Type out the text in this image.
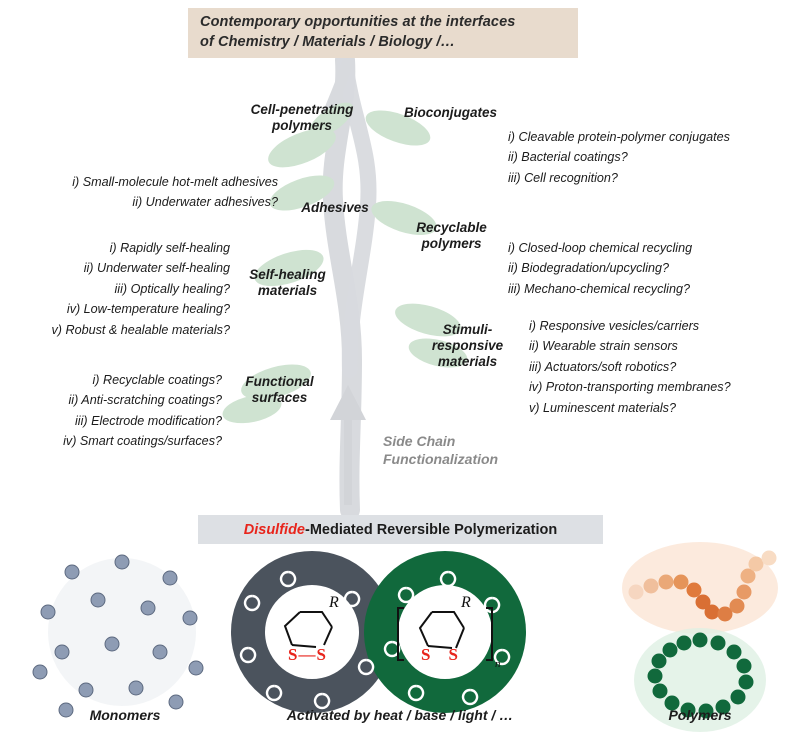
Contemporary opportunities at the interfaces
of Chemistry / Materials / Biology /…
Cell-penetrating
polymers
Bioconjugates
Adhesives
Recyclable
polymers
Self-healing
materials
Stimuli-
responsive
materials
Functional
surfaces
i) Cleavable protein-polymer conjugates
ii) Bacterial coatings?
iii) Cell recognition?
i) Closed-loop chemical recycling
ii) Biodegradation/upcycling?
iii) Mechano-chemical recycling?
i) Responsive vesicles/carriers
ii) Wearable strain sensors
iii) Actuators/soft robotics?
iv) Proton-transporting membranes?
v) Luminescent materials?
i) Small-molecule hot-melt adhesives
ii) Underwater adhesives?
i) Rapidly self-healing
ii) Underwater self-healing
iii) Optically healing?
iv) Low-temperature healing?
v) Robust & healable materials?
i) Recyclable coatings?
ii) Anti-scratching coatings?
iii) Electrode modification?
iv) Smart coatings/surfaces?	Side Chain
Functionalization
Disulfide-Mediated Reversible Polymerization
R	R
S — S	S S	n
Monomers	Activated by heat / base / light / …	Polymers
